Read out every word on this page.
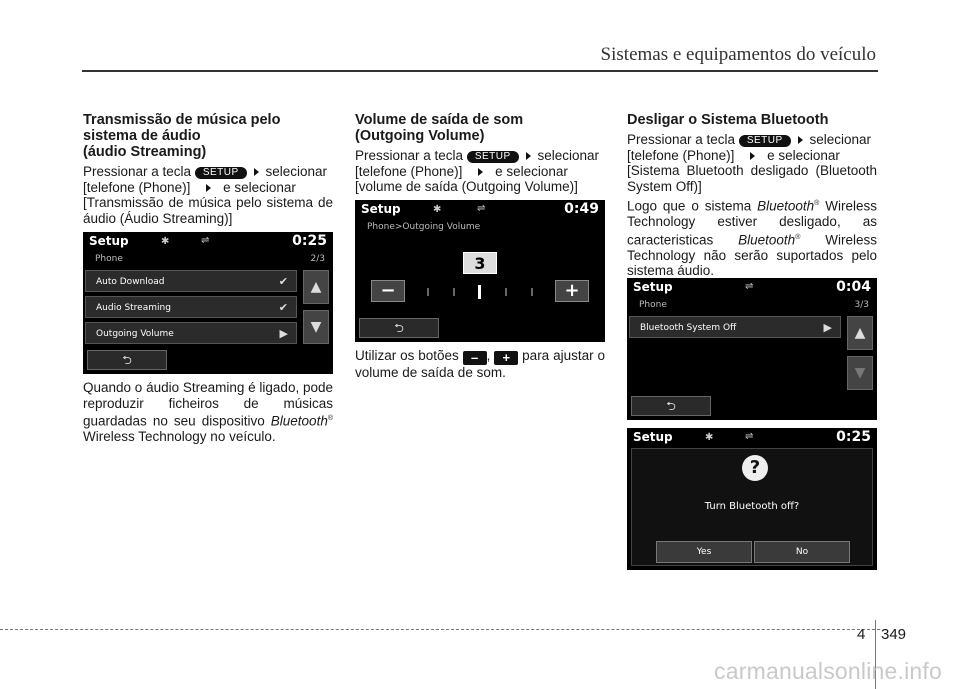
Sistemas e equipamentos do veículo
Transmissão de música pelo
sistema de áudio
(áudio Streaming)

Pressionar a tecla SETUP selecionar
[telefone (Phone)] e selecionar
[Transmissão de música pelo sistema de áudio (Áudio Streaming)]

Setup	✱	⇌	0:25
Phone	2/3
Auto Download	✔
Audio Streaming	✔
Outgoing Volume	▶
▲
▼
⮌

Quando o áudio Streaming é ligado, pode reproduzir ficheiros de músicas guardadas no seu dispositivo Bluetooth® Wireless Technology no veículo.

Volume de saída de som
(Outgoing Volume)

Pressionar a tecla SETUP selecionar
[telefone (Phone)] e selecionar
[volume de saída (Outgoing Volume)]

Setup	✱	⇌	0:49
Phone>Outgoing Volume
3
−	+
⮌

Utilizar os botões – , + para ajustar o volume de saída de som.

Desligar o Sistema Bluetooth

Pressionar a tecla SETUP selecionar
[telefone (Phone)] e selecionar
[Sistema Bluetooth desligado (Bluetooth System Off)]

Logo que o sistema Bluetooth® Wireless Technology estiver desligado, as caracteristicas Bluetooth® Wireless Technology não serão suportados pelo sistema áudio.

Setup	⇌	0:04
Phone	3/3
Bluetooth System Off	▶	▲
▼
⮌
Setup	✱	⇌	0:25
?
Turn Bluetooth off?
Yes	No
4 349
carmanualsonline.info
